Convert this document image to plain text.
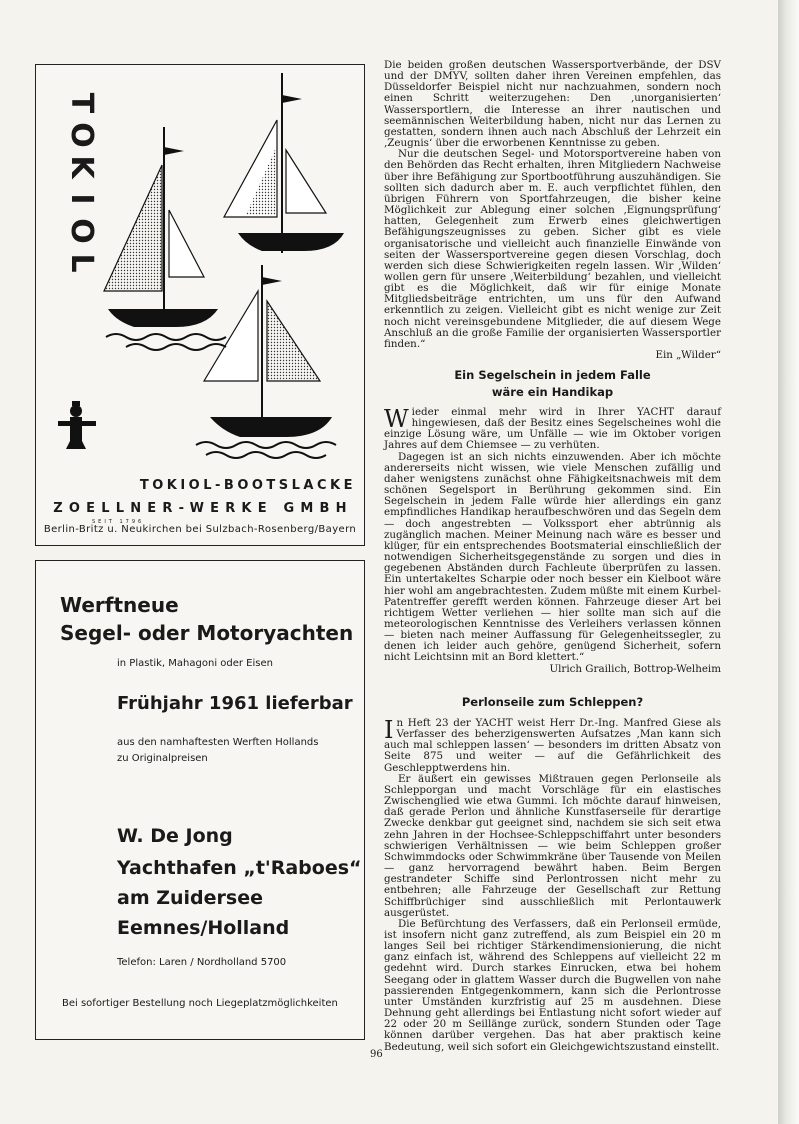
T
O
K
I
O
L
SEIT 1796
TOKIOL-BOOTSLACKE
ZOELLNER-WERKE GMBH
Berlin-Britz u. Neukirchen bei Sulzbach-Rosenberg/Bayern
Werftneue
Segel- oder Motoryachten
in Plastik, Mahagoni oder Eisen
Frühjahr 1961 lieferbar
aus den namhaftesten Werften Hollands
zu Originalpreisen
W. De Jong
Yachthafen „t'Raboes“
am Zuidersee
Eemnes/Holland
Telefon: Laren / Nordholland 5700
Bei sofortiger Bestellung noch Liegeplatzmöglichkeiten

Die beiden großen deutschen Wassersportverbände, der DSV und der DMYV, sollten daher ihren Vereinen empfehlen, das Düsseldorfer Beispiel nicht nur nachzuahmen, sondern noch einen Schritt weiterzugehen: Den ‚unorganisierten‘ Wassersportlern, die Interesse an ihrer nautischen und seemännischen Weiterbildung haben, nicht nur das Lernen zu gestatten, sondern ihnen auch nach Abschluß der Lehrzeit ein ‚Zeugnis‘ über die erworbenen Kenntnisse zu geben.

Nur die deutschen Segel- und Motorsportvereine haben von den Behörden das Recht erhalten, ihren Mitgliedern Nachweise über ihre Befähigung zur Sportbootführung auszuhändigen. Sie sollten sich dadurch aber m. E. auch verpflichtet fühlen, den übrigen Führern von Sportfahrzeugen, die bisher keine Möglichkeit zur Ablegung einer solchen ‚Eignungsprüfung‘ hatten, Gelegenheit zum Erwerb eines gleichwertigen Befähigungszeugnisses zu geben. Sicher gibt es viele organisatorische und vielleicht auch finanzielle Einwände von seiten der Wassersportvereine gegen diesen Vorschlag, doch werden sich diese Schwierigkeiten regeln lassen. Wir ‚Wilden‘ wollen gern für unsere ‚Weiterbildung‘ bezahlen, und vielleicht gibt es die Möglichkeit, daß wir für einige Monate Mitgliedsbeiträge entrichten, um uns für den Aufwand erkenntlich zu zeigen. Vielleicht gibt es nicht wenige zur Zeit noch nicht vereinsgebundene Mitglieder, die auf diesem Wege Anschluß an die große Familie der organisierten Wassersportler finden.“

Ein „Wilder“

Ein Segelschein in jedem Falle
wäre ein Handikap

Wieder einmal mehr wird in Ihrer YACHT darauf hingewiesen, daß der Besitz eines Segelscheines wohl die einzige Lösung wäre, um Unfälle — wie im Oktober vorigen Jahres auf dem Chiemsee — zu verhüten.

Dagegen ist an sich nichts einzuwenden. Aber ich möchte andererseits nicht wissen, wie viele Menschen zufällig und daher wenigstens zunächst ohne Fähigkeitsnachweis mit dem schönen Segelsport in Berührung gekommen sind. Ein Segelschein in jedem Falle würde hier allerdings ein ganz empfindliches Handikap heraufbeschwören und das Segeln dem — doch angestrebten — Volkssport eher abtrünnig als zugänglich machen. Meiner Meinung nach wäre es besser und klüger, für ein entsprechendes Bootsmaterial einschließlich der notwendigen Sicherheitsgegenstände zu sorgen und dies in gegebenen Abständen durch Fachleute überprüfen zu lassen. Ein untertakeltes Scharpie oder noch besser ein Kielboot wäre hier wohl am angebrachtesten. Zudem müßte mit einem Kurbel-Patentreffer gerefft werden können. Fahrzeuge dieser Art bei richtigem Wetter verliehen — hier sollte man sich auf die meteorologischen Kenntnisse des Verleihers verlassen können — bieten nach meiner Auffassung für Gelegenheitssegler, zu denen ich leider auch gehöre, genügend Sicherheit, sofern nicht Leichtsinn mit an Bord klettert.“

Ulrich Grailich, Bottrop-Welheim

Perlonseile zum Schleppen?

In Heft 23 der YACHT weist Herr Dr.-Ing. Manfred Giese als Verfasser des beherzigenswerten Aufsatzes ‚Man kann sich auch mal schleppen lassen‘ — besonders im dritten Absatz von Seite 875 und weiter — auf die Gefährlichkeit des Geschlepptwerdens hin.

Er äußert ein gewisses Mißtrauen gegen Perlonseile als Schlepporgan und macht Vorschläge für ein elastisches Zwischenglied wie etwa Gummi. Ich möchte darauf hinweisen, daß gerade Perlon und ähnliche Kunstfaserseile für derartige Zwecke denkbar gut geeignet sind, nachdem sie sich seit etwa zehn Jahren in der Hochsee-Schleppschiffahrt unter besonders schwierigen Verhältnissen — wie beim Schleppen großer Schwimmdocks oder Schwimmkräne über Tausende von Meilen — ganz hervorragend bewährt haben. Beim Bergen gestrandeter Schiffe sind Perlontrossen nicht mehr zu entbehren; alle Fahrzeuge der Gesellschaft zur Rettung Schiffbrüchiger sind ausschließlich mit Perlontauwerk ausgerüstet.

Die Befürchtung des Verfassers, daß ein Perlonseil ermüde, ist insofern nicht ganz zutreffend, als zum Beispiel ein 20 m langes Seil bei richtiger Stärkendimensionierung, die nicht ganz einfach ist, während des Schleppens auf vielleicht 22 m gedehnt wird. Durch starkes Einrucken, etwa bei hohem Seegang oder in glattem Wasser durch die Bugwellen von nahe passierenden Entgegenkommern, kann sich die Perlontrosse unter Umständen kurzfristig auf 25 m ausdehnen. Diese Dehnung geht allerdings bei Entlastung nicht sofort wieder auf 22 oder 20 m Seillänge zurück, sondern Stunden oder Tage können darüber vergehen. Das hat aber praktisch keine Bedeutung, weil sich sofort ein Gleichgewichtszustand einstellt.

96
